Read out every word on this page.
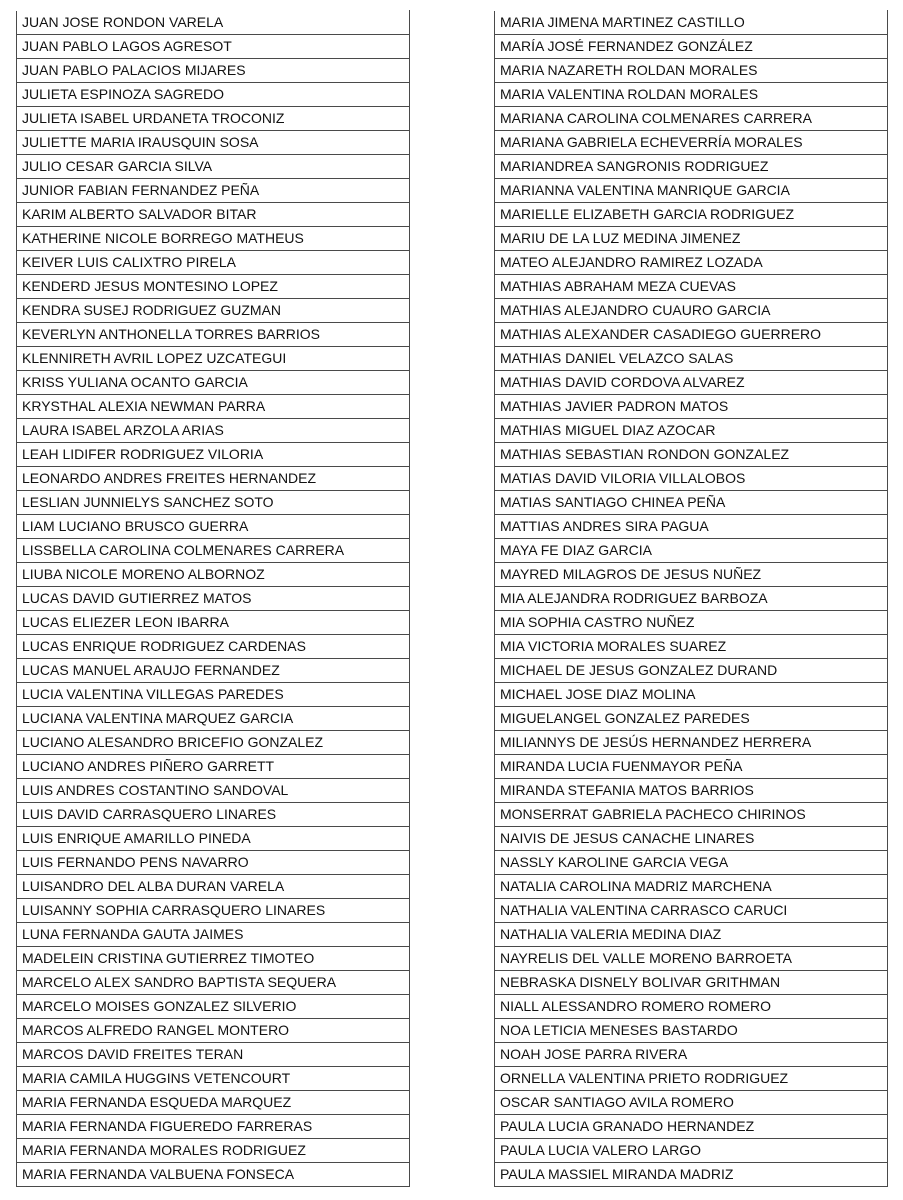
JUAN JOSE RONDON VARELA
JUAN PABLO LAGOS AGRESOT
JUAN PABLO PALACIOS MIJARES
JULIETA ESPINOZA SAGREDO
JULIETA ISABEL URDANETA TROCONIZ
JULIETTE MARIA IRAUSQUIN SOSA
JULIO CESAR GARCIA SILVA
JUNIOR FABIAN FERNANDEZ PEÑA
KARIM ALBERTO SALVADOR BITAR
KATHERINE NICOLE BORREGO MATHEUS
KEIVER LUIS CALIXTRO PIRELA
KENDERD JESUS MONTESINO LOPEZ
KENDRA SUSEJ RODRIGUEZ GUZMAN
KEVERLYN ANTHONELLA TORRES BARRIOS
KLENNIRETH AVRIL LOPEZ UZCATEGUI
KRISS YULIANA OCANTO GARCIA
KRYSTHAL ALEXIA NEWMAN PARRA
LAURA ISABEL ARZOLA ARIAS
LEAH LIDIFER RODRIGUEZ VILORIA
LEONARDO ANDRES FREITES HERNANDEZ
LESLIAN JUNNIELYS SANCHEZ SOTO
LIAM LUCIANO BRUSCO GUERRA
LISSBELLA CAROLINA COLMENARES CARRERA
LIUBA NICOLE MORENO ALBORNOZ
LUCAS DAVID GUTIERREZ MATOS
LUCAS ELIEZER LEON IBARRA
LUCAS ENRIQUE RODRIGUEZ CARDENAS
LUCAS MANUEL ARAUJO FERNANDEZ
LUCIA VALENTINA VILLEGAS PAREDES
LUCIANA VALENTINA MARQUEZ GARCIA
LUCIANO ALESANDRO BRICEFIO GONZALEZ
LUCIANO ANDRES PIÑERO GARRETT
LUIS ANDRES COSTANTINO SANDOVAL
LUIS DAVID CARRASQUERO LINARES
LUIS ENRIQUE AMARILLO PINEDA
LUIS FERNANDO PENS NAVARRO
LUISANDRO DEL ALBA DURAN VARELA
LUISANNY SOPHIA CARRASQUERO LINARES
LUNA FERNANDA GAUTA JAIMES
MADELEIN CRISTINA GUTIERREZ TIMOTEO
MARCELO ALEX SANDRO BAPTISTA SEQUERA
MARCELO MOISES GONZALEZ SILVERIO
MARCOS ALFREDO RANGEL MONTERO
MARCOS DAVID FREITES TERAN
MARIA CAMILA HUGGINS VETENCOURT
MARIA FERNANDA ESQUEDA MARQUEZ
MARIA FERNANDA FIGUEREDO FARRERAS
MARIA FERNANDA MORALES RODRIGUEZ
MARIA FERNANDA VALBUENA FONSECA
MARIA JIMENA MARTINEZ CASTILLO
MARÍA JOSÉ FERNANDEZ GONZÁLEZ
MARIA NAZARETH ROLDAN MORALES
MARIA VALENTINA ROLDAN MORALES
MARIANA CAROLINA COLMENARES CARRERA
MARIANA GABRIELA ECHEVERRÍA MORALES
MARIANDREA SANGRONIS RODRIGUEZ
MARIANNA VALENTINA MANRIQUE GARCIA
MARIELLE ELIZABETH GARCIA RODRIGUEZ
MARIU DE LA LUZ MEDINA JIMENEZ
MATEO ALEJANDRO RAMIREZ LOZADA
MATHIAS ABRAHAM MEZA CUEVAS
MATHIAS ALEJANDRO CUAURO GARCIA
MATHIAS ALEXANDER CASADIEGO GUERRERO
MATHIAS DANIEL VELAZCO SALAS
MATHIAS DAVID CORDOVA ALVAREZ
MATHIAS JAVIER PADRON MATOS
MATHIAS MIGUEL DIAZ AZOCAR
MATHIAS SEBASTIAN RONDON GONZALEZ
MATIAS DAVID VILORIA VILLALOBOS
MATIAS SANTIAGO CHINEA PEÑA
MATTIAS ANDRES SIRA PAGUA
MAYA FE DIAZ GARCIA
MAYRED MILAGROS DE JESUS NUÑEZ
MIA ALEJANDRA RODRIGUEZ BARBOZA
MIA SOPHIA CASTRO NUÑEZ
MIA VICTORIA MORALES SUAREZ
MICHAEL DE JESUS GONZALEZ DURAND
MICHAEL JOSE DIAZ MOLINA
MIGUELANGEL GONZALEZ PAREDES
MILIANNYS DE JESÚS HERNANDEZ HERRERA
MIRANDA LUCIA FUENMAYOR PEÑA
MIRANDA STEFANIA MATOS BARRIOS
MONSERRAT GABRIELA PACHECO CHIRINOS
NAIVIS DE JESUS CANACHE LINARES
NASSLY KAROLINE GARCIA VEGA
NATALIA CAROLINA MADRIZ MARCHENA
NATHALIA VALENTINA CARRASCO CARUCI
NATHALIA VALERIA MEDINA DIAZ
NAYRELIS DEL VALLE MORENO BARROETA
NEBRASKA DISNELY BOLIVAR GRITHMAN
NIALL ALESSANDRO ROMERO ROMERO
NOA LETICIA MENESES BASTARDO
NOAH JOSE PARRA RIVERA
ORNELLA VALENTINA PRIETO RODRIGUEZ
OSCAR SANTIAGO AVILA ROMERO
PAULA LUCIA GRANADO HERNANDEZ
PAULA LUCIA VALERO LARGO
PAULA MASSIEL MIRANDA MADRIZ
